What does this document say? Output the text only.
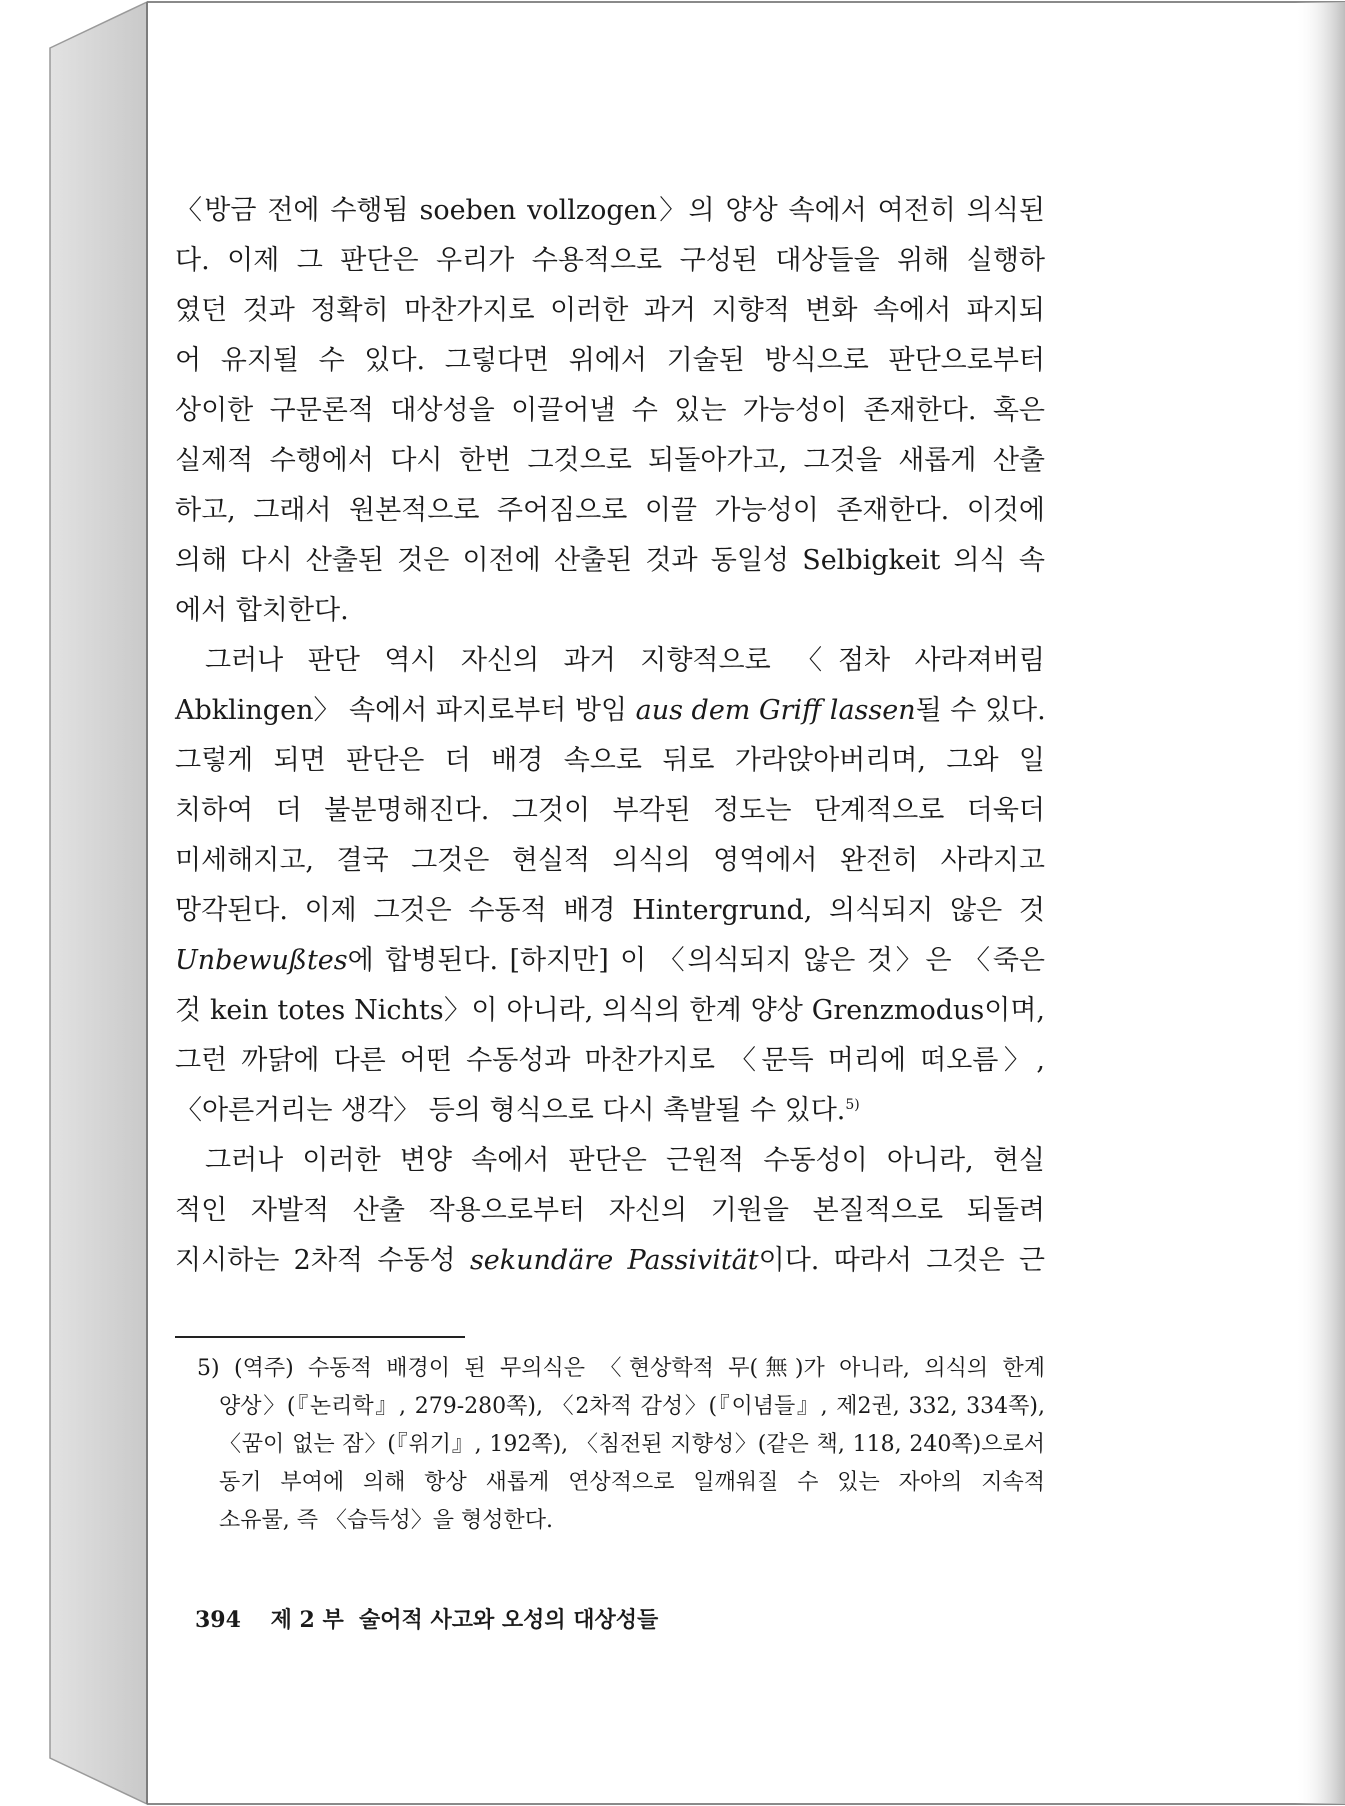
〈방금 전에 수행됨 soeben vollzogen〉의 양상 속에서 여전히 의식된
다. 이제 그 판단은 우리가 수용적으로 구성된 대상들을 위해 실행하
였던 것과 정확히 마찬가지로 이러한 과거 지향적 변화 속에서 파지되
어 유지될 수 있다. 그렇다면 위에서 기술된 방식으로 판단으로부터
상이한 구문론적 대상성을 이끌어낼 수 있는 가능성이 존재한다. 혹은
실제적 수행에서 다시 한번 그것으로 되돌아가고, 그것을 새롭게 산출
하고, 그래서 원본적으로 주어짐으로 이끌 가능성이 존재한다. 이것에
의해 다시 산출된 것은 이전에 산출된 것과 동일성 Selbigkeit 의식 속
에서 합치한다.

그러나 판단 역시 자신의 과거 지향적으로 〈점차 사라져버림
Abklingen〉 속에서 파지로부터 방임 aus dem Griff lassen될 수 있다.
그렇게 되면 판단은 더 배경 속으로 뒤로 가라앉아버리며, 그와 일
치하여 더 불분명해진다. 그것이 부각된 정도는 단계적으로 더욱더
미세해지고, 결국 그것은 현실적 의식의 영역에서 완전히 사라지고
망각된다. 이제 그것은 수동적 배경 Hintergrund, 의식되지 않은 것
Unbewußtes에 합병된다. [하지만] 이 〈의식되지 않은 것〉은 〈죽은
것 kein totes Nichts〉이 아니라, 의식의 한계 양상 Grenzmodus이며,
그런 까닭에 다른 어떤 수동성과 마찬가지로 〈문득 머리에 떠오름〉,
〈아른거리는 생각〉 등의 형식으로 다시 촉발될 수 있다.$^{5)}$

그러나 이러한 변양 속에서 판단은 근원적 수동성이 아니라, 현실
적인 자발적 산출 작용으로부터 자신의 기원을 본질적으로 되돌려
지시하는 2차적 수동성 sekundäre Passivität이다. 따라서 그것은 근

5) (역주) 수동적 배경이 된 무의식은 〈현상학적 무(無)가 아니라, 의식의 한계
양상〉(『논리학』, 279-280쪽), 〈2차적 감성〉(『이념들』, 제2권, 332, 334쪽),
〈꿈이 없는 잠〉(『위기』, 192쪽), 〈침전된 지향성〉(같은 책, 118, 240쪽)으로서
동기 부여에 의해 항상 새롭게 연상적으로 일깨워질 수 있는 자아의 지속적
소유물, 즉 〈습득성〉을 형성한다.
394 제 2 부  술어적 사고와 오성의 대상성들
